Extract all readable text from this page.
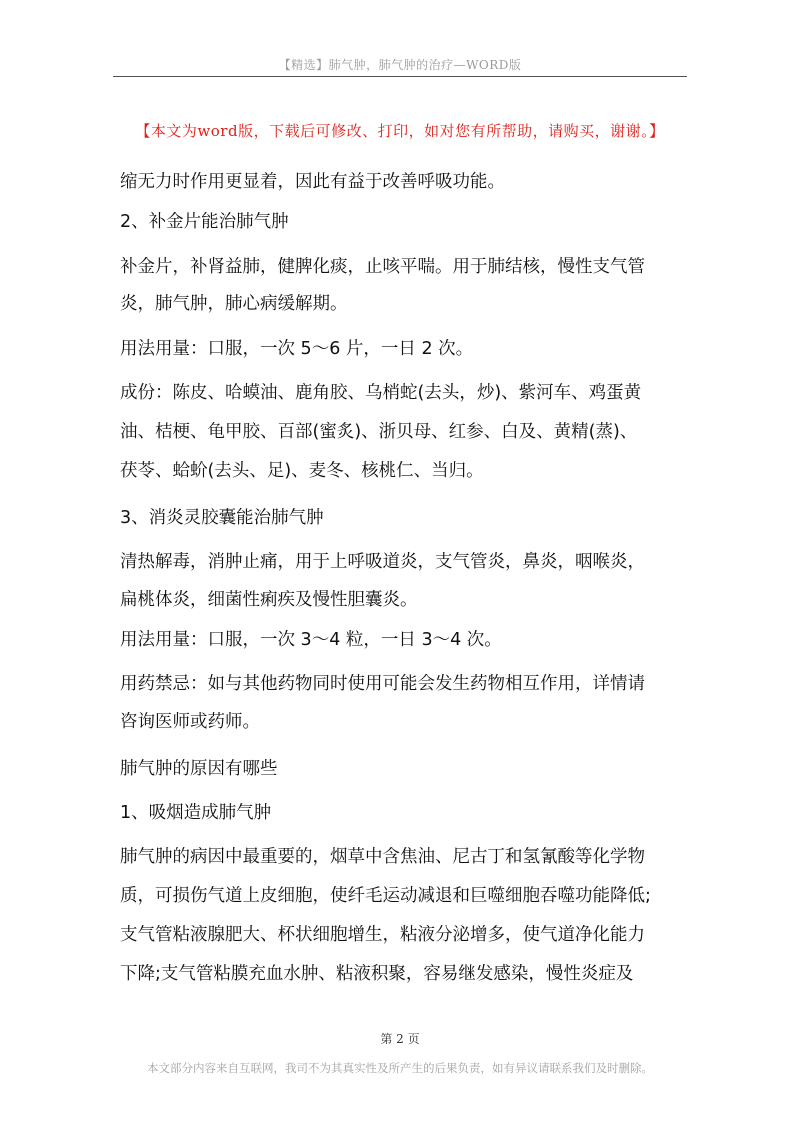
【精选】肺气肿，肺气肿的治疗—WORD版
【本文为word版，下载后可修改、打印，如对您有所帮助，请购买，谢谢。】
缩无力时作用更显着，因此有益于改善呼吸功能。
2、补金片能治肺气肿
补金片，补肾益肺，健脾化痰，止咳平喘。用于肺结核，慢性支气管
炎，肺气肿，肺心病缓解期。
用法用量：口服，一次 5～6 片，一日 2 次。
成份：陈皮、哈蟆油、鹿角胶、乌梢蛇(去头，炒)、紫河车、鸡蛋黄
油、桔梗、龟甲胶、百部(蜜炙)、浙贝母、红参、白及、黄精(蒸)、
茯苓、蛤蚧(去头、足)、麦冬、核桃仁、当归。
3、消炎灵胶囊能治肺气肿
清热解毒，消肿止痛，用于上呼吸道炎，支气管炎，鼻炎，咽喉炎，
扁桃体炎，细菌性痢疾及慢性胆囊炎。
用法用量：口服，一次 3～4 粒，一日 3～4 次。
用药禁忌：如与其他药物同时使用可能会发生药物相互作用，详情请
咨询医师或药师。
肺气肿的原因有哪些
1、吸烟造成肺气肿
肺气肿的病因中最重要的，烟草中含焦油、尼古丁和氢氰酸等化学物
质，可损伤气道上皮细胞，使纤毛运动减退和巨噬细胞吞噬功能降低;
支气管粘液腺肥大、杯状细胞增生，粘液分泌增多，使气道净化能力
下降;支气管粘膜充血水肿、粘液积聚，容易继发感染，慢性炎症及
第 2 页
本文部分内容来自互联网，我司不为其真实性及所产生的后果负责，如有异议请联系我们及时删除。
